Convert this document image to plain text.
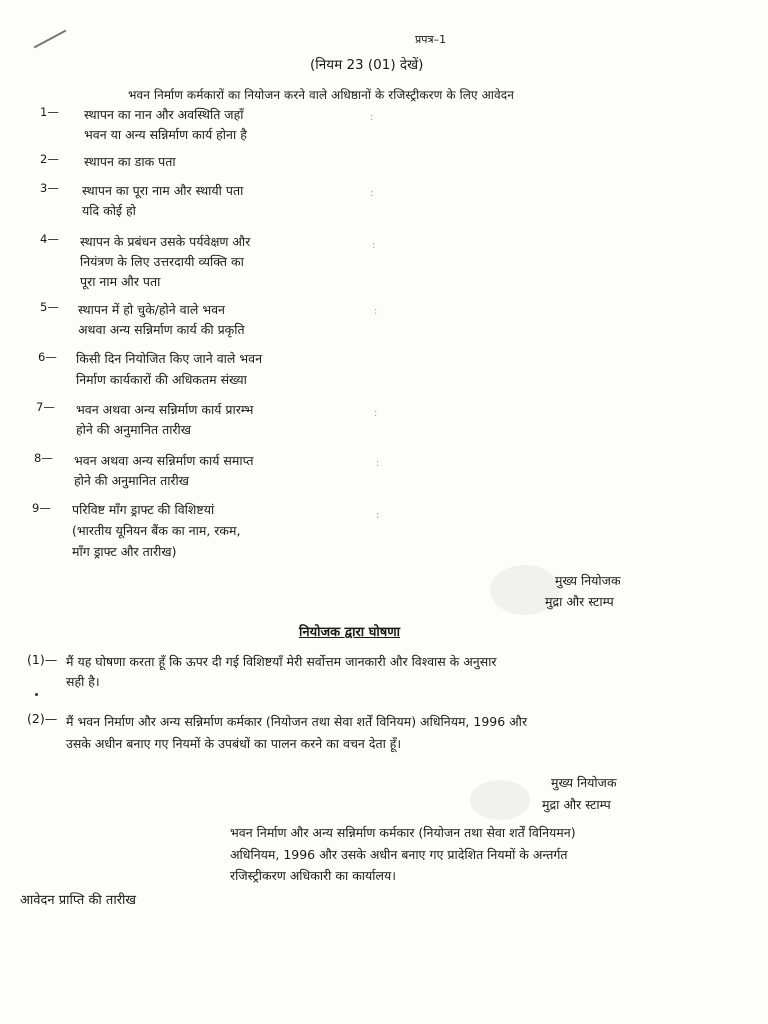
प्रपत्र–1
(नियम 23 (01) देखें)
भवन निर्माण कर्मकारों का नियोजन करने वाले अधिष्ठानों के रजिस्ट्रीकरण के लिए आवेदन
1— स्थापन का नान और अवस्थिति जहाँ
भवन या अन्य सन्निर्माण कार्य होना है
2— स्थापन का डाक पता
3— स्थापन का पूरा नाम और स्थायी पता
यदि कोई हो
4— स्थापन के प्रबंधन उसके पर्यवेक्षण और
नियंत्रण के लिए उत्तरदायी व्यक्ति का
पूरा नाम और पता
5— स्थापन में हो चुके/होने वाले भवन
अथवा अन्य सन्निर्माण कार्य की प्रकृति
6— किसी दिन नियोजित किए जाने वाले भवन
निर्माण कार्यकारों की अधिकतम संख्या
7— भवन अथवा अन्य सन्निर्माण कार्य प्रारम्भ
होने की अनुमानित तारीख
8— भवन अथवा अन्य सन्निर्माण कार्य समाप्त
होने की अनुमानित तारीख
9— परिविष्ट माँग ड्राफ्ट की विशिष्टयां
(भारतीय यूनियन बैंक का नाम, रकम,
माँग ड्राफ्ट और तारीख)
:
:
:
:
:
:
:
मुख्य नियोजक
मुद्रा और स्टाम्प
नियोजक द्वारा घोषणा
(1)— मैं यह घोषणा करता हूँ कि ऊपर दी गई विशिष्टयाँ मेरी सर्वोत्तम जानकारी और विश्वास के अनुसार
सही है।
(2)— मैं भवन निर्माण और अन्य सन्निर्माण कर्मकार (नियोजन तथा सेवा शर्तें विनियम) अधिनियम, 1996 और
उसके अधीन बनाए गए नियमों के उपबंधों का पालन करने का वचन देता हूँ।
मुख्य नियोजक
मुद्रा और स्टाम्प
भवन निर्माण और अन्य सन्निर्माण कर्मकार (नियोजन तथा सेवा शर्तें विनियमन)
अधिनियम, 1996 और उसके अधीन बनाए गए प्रादेशित नियमों के अन्तर्गत
रजिस्ट्रीकरण अधिकारी का कार्यालय।
आवेदन प्राप्ति की तारीख
